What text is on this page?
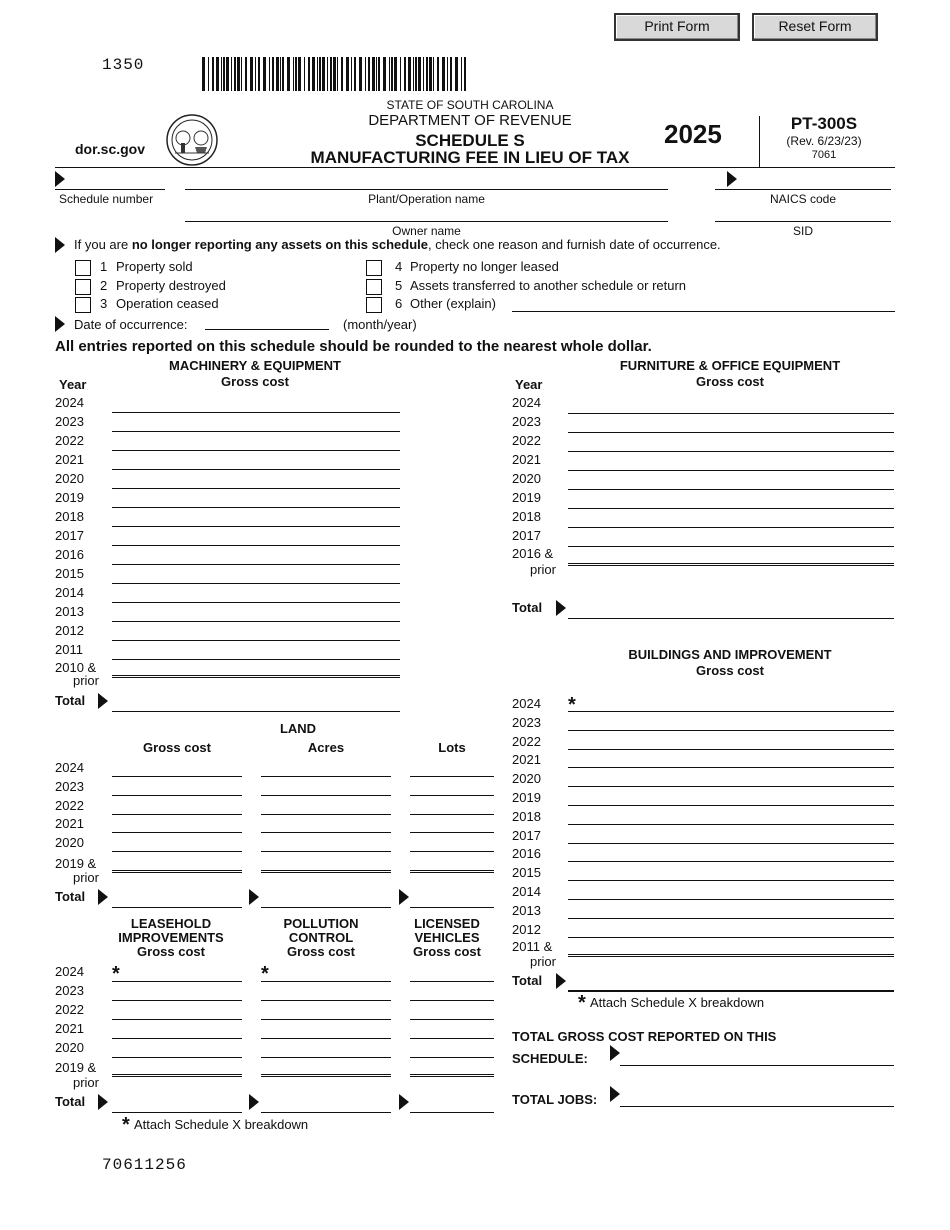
Print Form	Reset Form
1350
dor.sc.gov
STATE OF SOUTH CAROLINA
DEPARTMENT OF REVENUE
SCHEDULE S
MANUFACTURING FEE IN LIEU OF TAX
2025	PT-300S
(Rev. 6/23/23)
7061
Schedule number	Plant/Operation name	NAICS code
Owner name	SID
If you are no longer reporting any assets on this schedule, check one reason and furnish date of occurrence.
1 Property sold
2 Property destroyed
3 Operation ceased
4 Property no longer leased
5 Assets transferred to another schedule or return
6 Other (explain)
Date of occurrence:	(month/year)
All entries reported on this schedule should be rounded to the nearest whole dollar.
MACHINERY & EQUIPMENT
Gross cost
Year
2024
2023
2022
2021
2020
2019
2018
2017
2016
2015
2014
2013
2012
2011
2010 &
prior
Total
FURNITURE & OFFICE EQUIPMENT
Gross cost
Year
2024
2023
2022
2021
2020
2019
2018
2017
2016 &
prior
Total
BUILDINGS AND IMPROVEMENT
Gross cost
*
2024
2023
2022
2021
2020
2019
2018
2017
2016
2015
2014
2013
2012
2011 &
prior
Total
* Attach Schedule X breakdown
LAND
Gross cost	Acres	Lots
2024
2023
2022
2021
2020
2019 &
prior
Total
LEASEHOLD
IMPROVEMENTS
Gross cost
POLLUTION
CONTROL
Gross cost
LICENSED
VEHICLES
Gross cost
*	*
2024
2023
2022
2021
2020
2019 &
prior
Total
* Attach Schedule X breakdown
TOTAL GROSS COST REPORTED ON THIS
SCHEDULE:
TOTAL JOBS:
70611256
